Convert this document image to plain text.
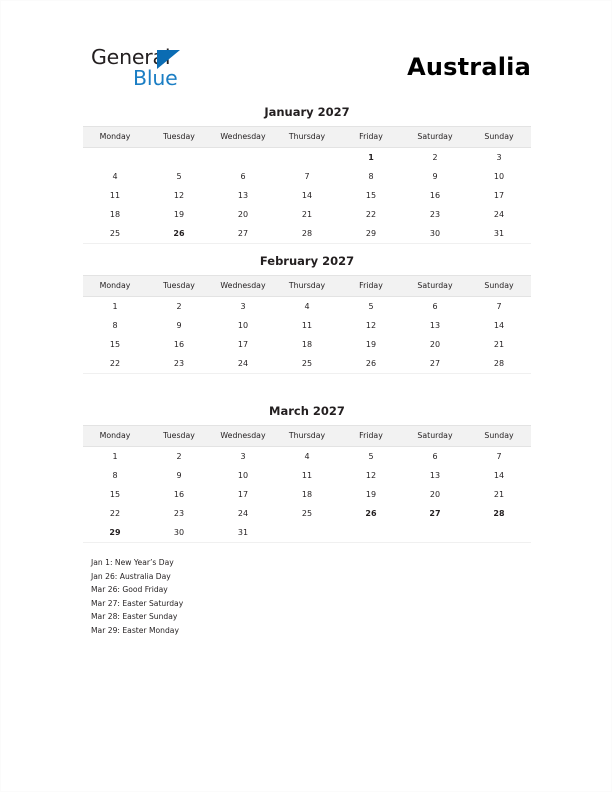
General
Blue	Australia
January 2027
Monday	Tuesday	Wednesday	Thursday	Friday	Saturday	Sunday
				1	2	3
4	5	6	7	8	9	10
11	12	13	14	15	16	17
18	19	20	21	22	23	24
25	26	27	28	29	30	31
February 2027
Monday	Tuesday	Wednesday	Thursday	Friday	Saturday	Sunday
1	2	3	4	5	6	7
8	9	10	11	12	13	14
15	16	17	18	19	20	21
22	23	24	25	26	27	28
March 2027
Monday	Tuesday	Wednesday	Thursday	Friday	Saturday	Sunday
1	2	3	4	5	6	7
8	9	10	11	12	13	14
15	16	17	18	19	20	21
22	23	24	25	26	27	28
29	30	31				
Jan 1: New Year’s Day
Jan 26: Australia Day
Mar 26: Good Friday
Mar 27: Easter Saturday
Mar 28: Easter Sunday
Mar 29: Easter Monday
